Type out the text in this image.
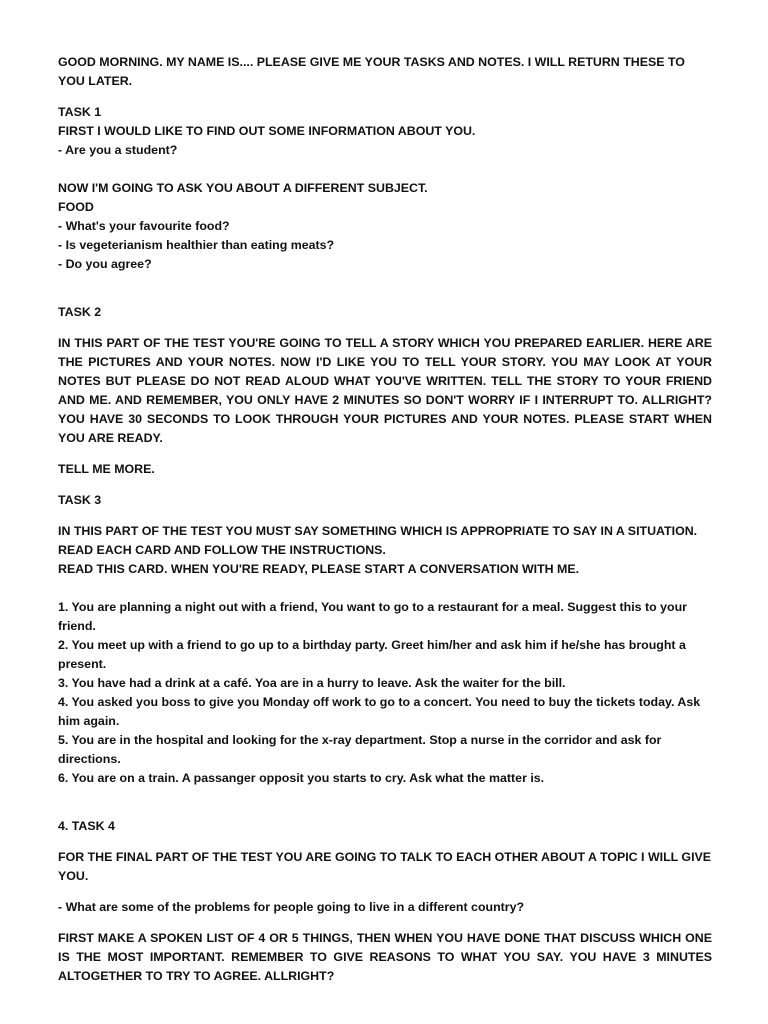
GOOD MORNING. MY NAME IS.... PLEASE GIVE ME YOUR TASKS AND NOTES. I WILL RETURN THESE TO YOU LATER.

TASK 1
FIRST I WOULD LIKE TO FIND OUT SOME INFORMATION ABOUT YOU.
- Are you a student?
NOW I'M GOING TO ASK YOU ABOUT A DIFFERENT SUBJECT.
FOOD
- What's your favourite food?
- Is vegeterianism healthier than eating meats?
- Do you agree?

TASK 2

IN THIS PART OF THE TEST YOU'RE GOING TO TELL A STORY WHICH YOU PREPARED EARLIER. HERE ARE THE PICTURES AND YOUR NOTES. NOW I'D LIKE YOU TO TELL YOUR STORY. YOU MAY LOOK AT YOUR NOTES BUT PLEASE DO NOT READ ALOUD WHAT YOU'VE WRITTEN. TELL THE STORY TO YOUR FRIEND AND ME. AND REMEMBER, YOU ONLY HAVE 2 MINUTES SO DON'T WORRY IF I INTERRUPT TO. ALLRIGHT? YOU HAVE 30 SECONDS TO LOOK THROUGH YOUR PICTURES AND YOUR NOTES. PLEASE START WHEN YOU ARE READY.

TELL ME MORE.

TASK 3

IN THIS PART OF THE TEST YOU MUST SAY SOMETHING WHICH IS APPROPRIATE TO SAY IN A SITUATION. READ EACH CARD AND FOLLOW THE INSTRUCTIONS.
READ THIS CARD. WHEN YOU'RE READY, PLEASE START A CONVERSATION WITH ME.
1. You are planning a night out with a friend, You want to go to a restaurant for a meal. Suggest this to your friend.
2. You meet up with a friend to go up to a birthday party. Greet him/her and ask him if he/she has brought a present.
3. You have had a drink at a café. Yoa are in a hurry to leave. Ask the waiter for the bill.
4. You asked you boss to give you Monday off work to go to a concert. You need to buy the tickets today. Ask him again.
5. You are in the hospital and looking for the x-ray department. Stop a nurse in the corridor and ask for directions.
6. You are on a train. A passanger opposit you starts to cry. Ask what the matter is.

4. TASK 4

FOR THE FINAL PART OF THE TEST YOU ARE GOING TO TALK TO EACH OTHER ABOUT A TOPIC I WILL GIVE YOU.

- What are some of the problems for people going to live in a different country?

FIRST MAKE A SPOKEN LIST OF 4 OR 5 THINGS, THEN WHEN YOU HAVE DONE THAT DISCUSS WHICH ONE IS THE MOST IMPORTANT. REMEMBER TO GIVE REASONS TO WHAT YOU SAY. YOU HAVE 3 MINUTES ALTOGETHER TO TRY TO AGREE. ALLRIGHT?
